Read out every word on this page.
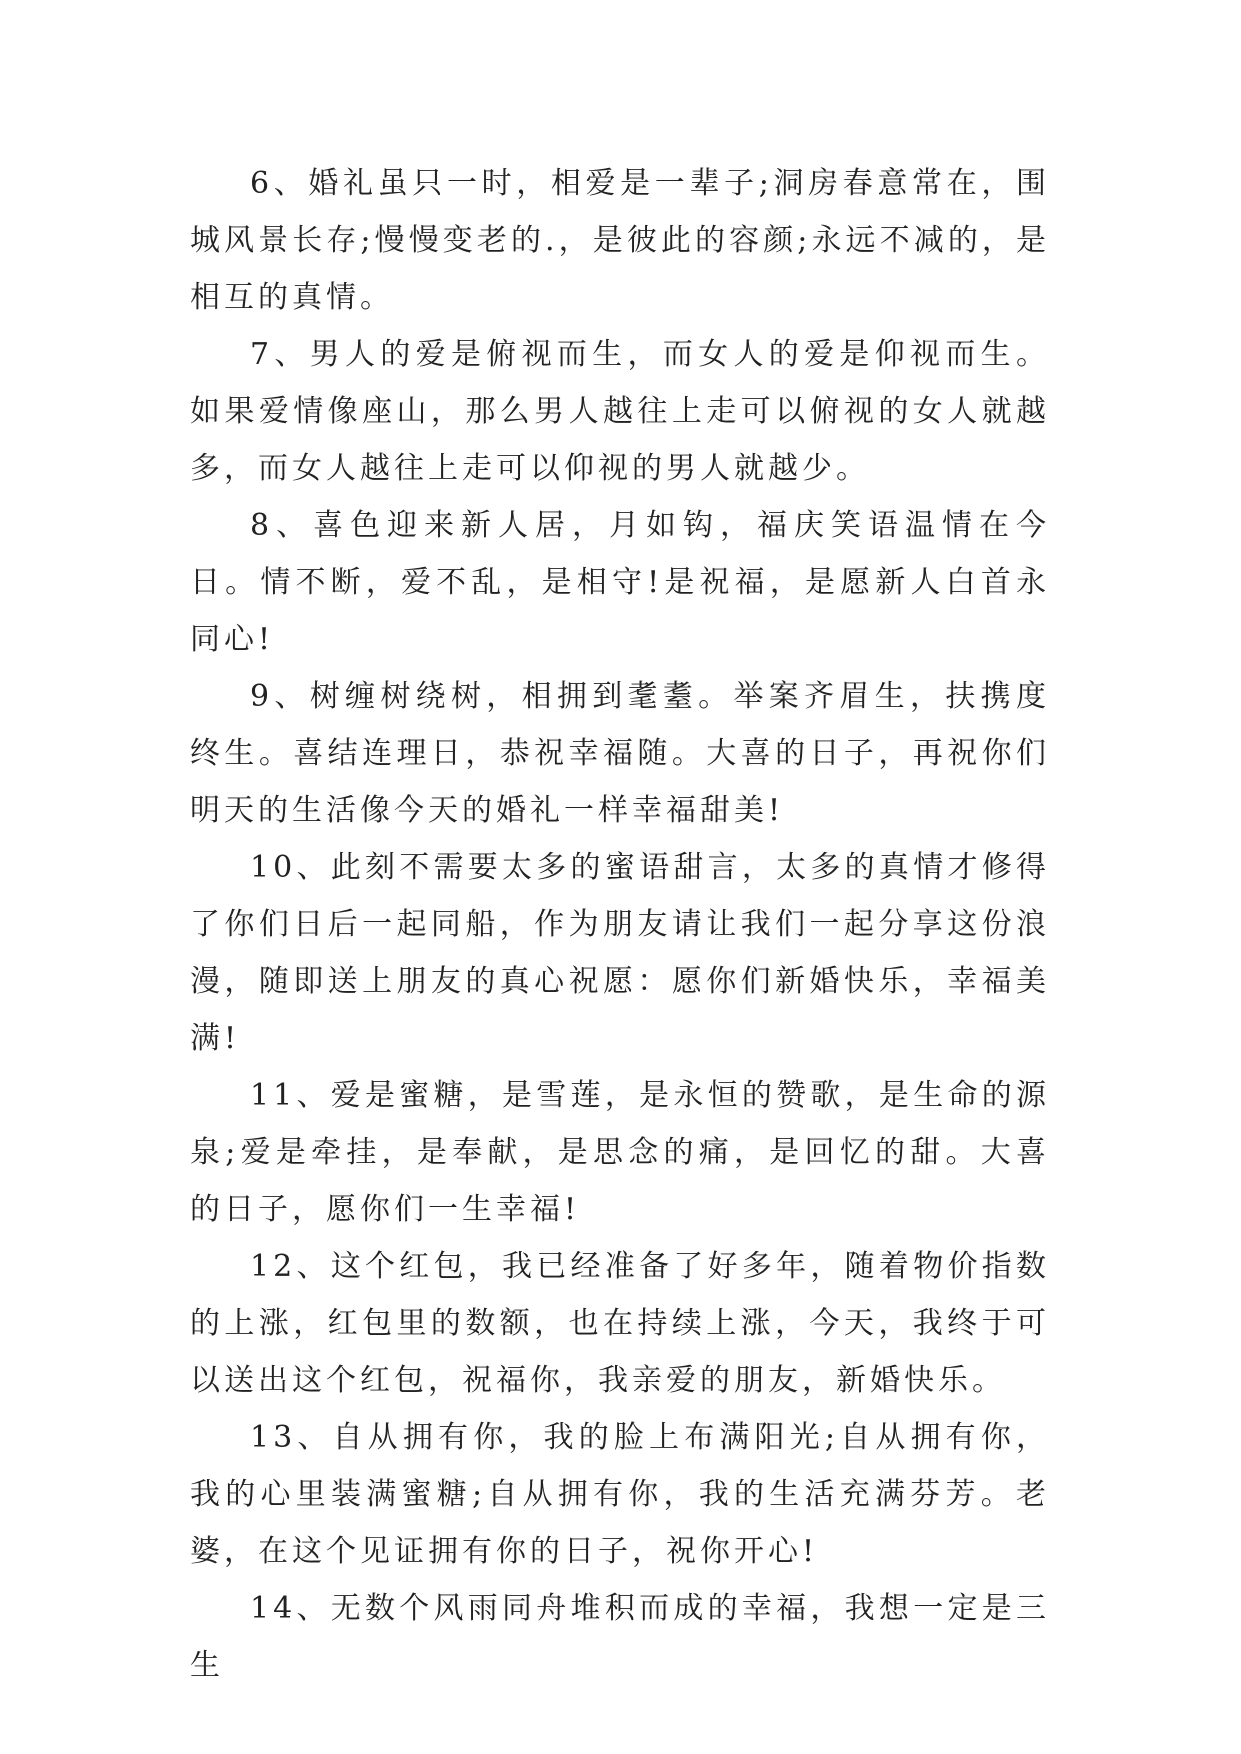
6、婚礼虽只一时，相爱是一辈子;洞房春意常在，围城风景长存;慢慢变老的.，是彼此的容颜;永远不减的，是相互的真情。

7、男人的爱是俯视而生，而女人的爱是仰视而生。如果爱情像座山，那么男人越往上走可以俯视的女人就越多，而女人越往上走可以仰视的男人就越少。

8、喜色迎来新人居，月如钩，福庆笑语温情在今日。情不断，爱不乱，是相守!是祝福，是愿新人白首永同心!

9、树缠树绕树，相拥到耄耋。举案齐眉生，扶携度终生。喜结连理日，恭祝幸福随。大喜的日子，再祝你们明天的生活像今天的婚礼一样幸福甜美!

10、此刻不需要太多的蜜语甜言，太多的真情才修得了你们日后一起同船，作为朋友请让我们一起分享这份浪漫，随即送上朋友的真心祝愿：愿你们新婚快乐，幸福美满!

11、爱是蜜糖，是雪莲，是永恒的赞歌，是生命的源泉;爱是牵挂，是奉献，是思念的痛，是回忆的甜。大喜的日子，愿你们一生幸福!

12、这个红包，我已经准备了好多年，随着物价指数的上涨，红包里的数额，也在持续上涨，今天，我终于可以送出这个红包，祝福你，我亲爱的朋友，新婚快乐。

13、自从拥有你，我的脸上布满阳光;自从拥有你，我的心里装满蜜糖;自从拥有你，我的生活充满芬芳。老婆，在这个见证拥有你的日子，祝你开心!

14、无数个风雨同舟堆积而成的幸福，我想一定是三生
